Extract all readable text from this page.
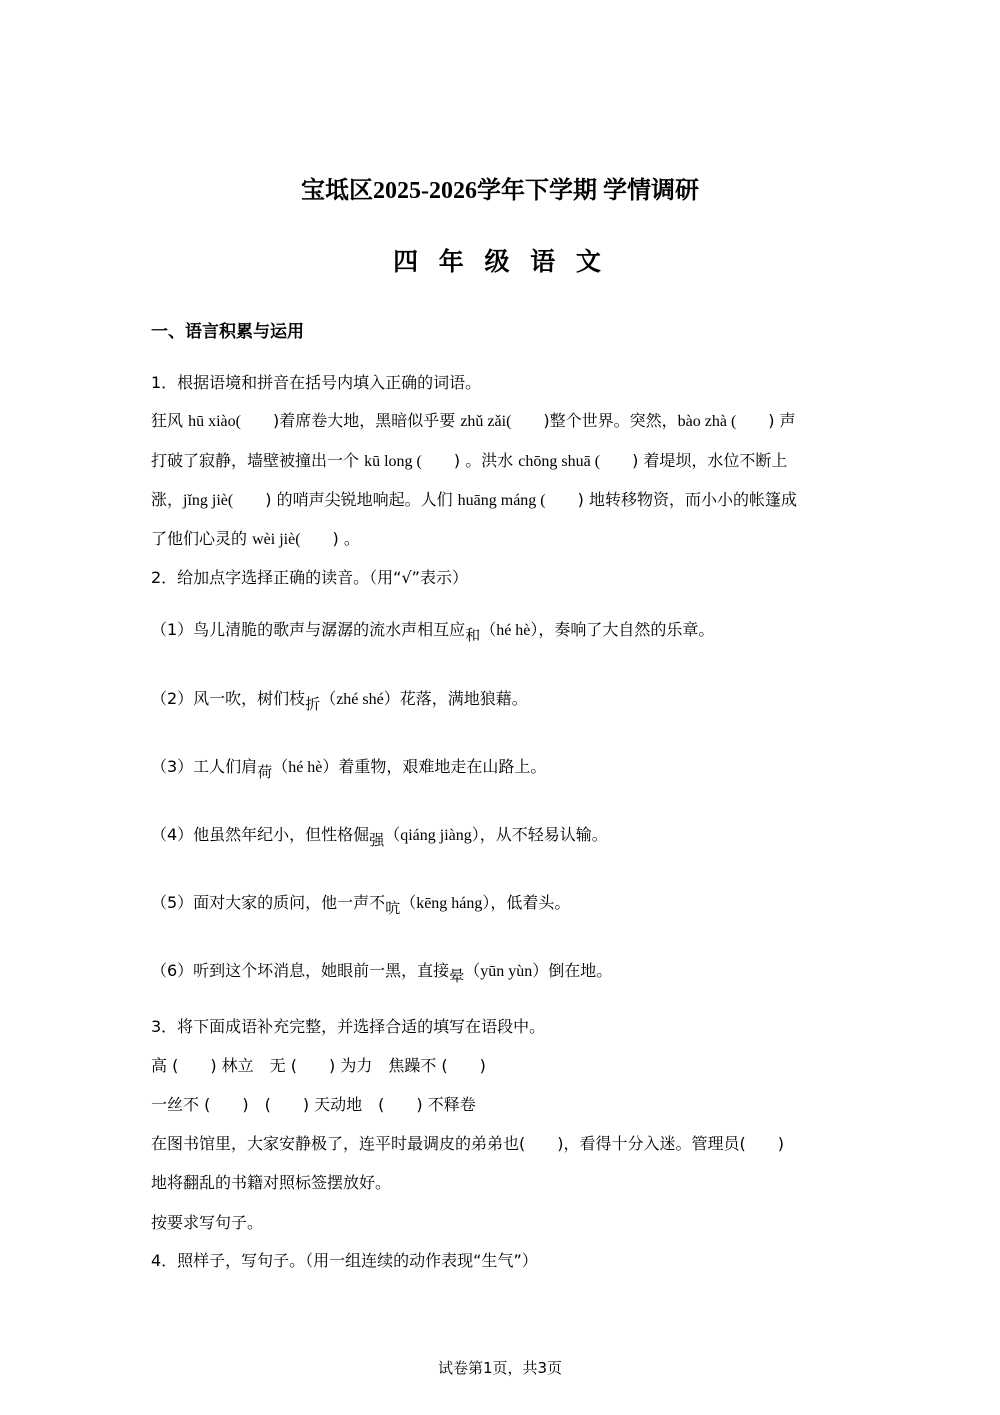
宝坻区2025-2026学年下学期 学情调研
四 年 级 语 文
一、语言积累与运用
1．根据语境和拼音在括号内填入正确的词语。
狂风 hū xiào(　　)着席卷大地，黑暗似乎要 zhǔ zǎi(　　)整个世界。突然，bào zhà (　　) 声
打破了寂静，墙壁被撞出一个 kū long (　　) 。洪水 chōng shuā (　　) 着堤坝，水位不断上
涨，jǐng jiè(　　) 的哨声尖锐地响起。人们 huāng máng (　　) 地转移物资，而小小的帐篷成
了他们心灵的 wèi jiè(　　) 。
2．给加点字选择正确的读音。（用“√”表示）
（1）鸟儿清脆的歌声与潺潺的流水声相互应和（hé hè），奏响了大自然的乐章。
（2）风一吹，树们枝折（zhé shé）花落，满地狼藉。
（3）工人们肩荷（hé hè）着重物，艰难地走在山路上。
（4）他虽然年纪小，但性格倔强（qiáng jiàng），从不轻易认输。
（5）面对大家的质问，他一声不吭（kēng háng），低着头。
（6）听到这个坏消息，她眼前一黑，直接晕（yūn yùn）倒在地。
3．将下面成语补充完整，并选择合适的填写在语段中。
高 (　　) 林立　无 (　　) 为力　焦躁不 (　　)
一丝不 (　　)　(　　) 天动地　(　　) 不释卷
在图书馆里，大家安静极了，连平时最调皮的弟弟也(　　)，看得十分入迷。管理员(　　)
地将翻乱的书籍对照标签摆放好。
按要求写句子。
4．照样子，写句子。（用一组连续的动作表现“生气”）
试卷第1页，共3页
